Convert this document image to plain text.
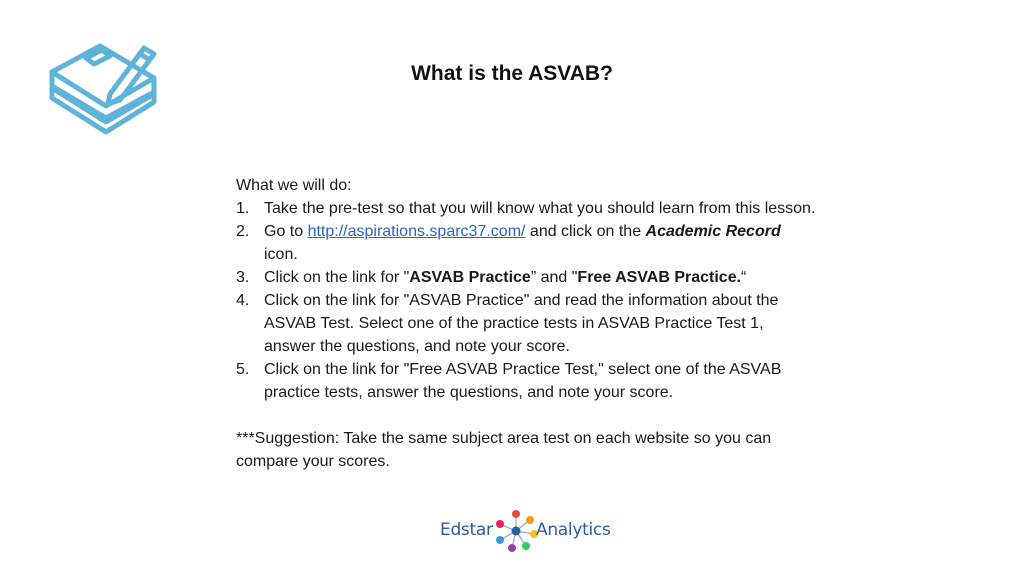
What is the ASVAB?

What we will do:

1. Take the pre-test so that you will know what you should learn from this lesson.
2. Go to http://aspirations.sparc37.com/ and click on the Academic Record icon.
3. Click on the link for "ASVAB Practice” and "Free ASVAB Practice.“
4. Click on the link for "ASVAB Practice" and read the information about the ASVAB Test. Select one of the practice tests in ASVAB Practice Test 1, answer the questions, and note your score.
5. Click on the link for "Free ASVAB Practice Test," select one of the ASVAB practice tests, answer the questions, and note your score.

***Suggestion: Take the same subject area test on each website so you can compare your scores.

Edstar	Analytics
